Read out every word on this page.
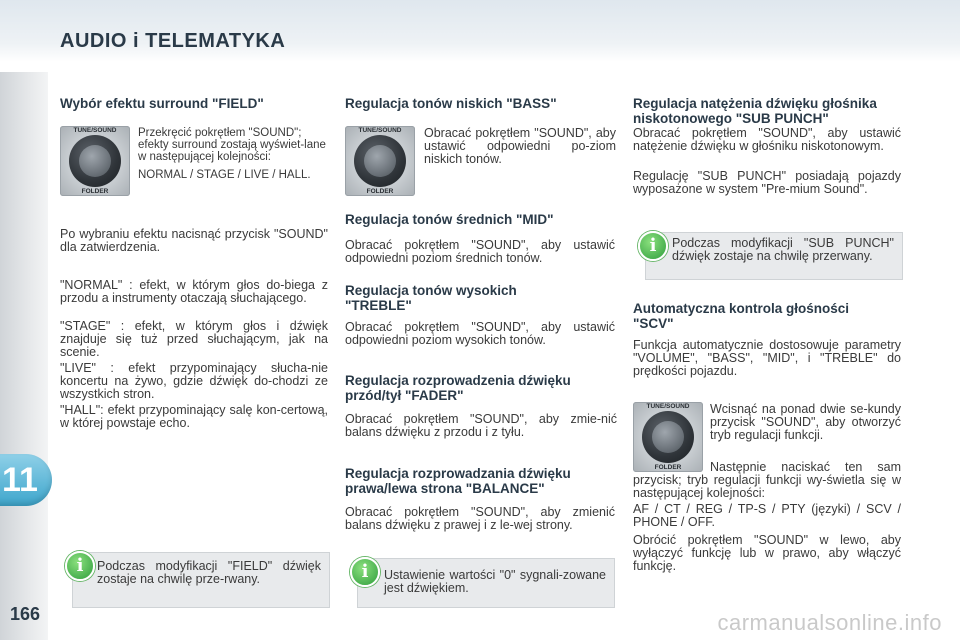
AUDIO i TELEMATYKA
11
166
Wybór efektu surround "FIELD"
TUNE/SOUND
FOLDER

Przekręcić pokrętłem "SOUND"; efekty surround zostają wyświet-lane w następującej kolejności:

NORMAL / STAGE / LIVE / HALL.

Po wybraniu efektu nacisnąć przycisk "SOUND" dla zatwierdzenia.

"NORMAL" : efekt, w którym głos do-biega z przodu a instrumenty otaczają słuchającego.

"STAGE" : efekt, w którym głos i dźwięk znajduje się tuż przed słuchającym, jak na scenie.

"LIVE" : efekt przypominający słucha-nie koncertu na żywo, gdzie dźwięk do-chodzi ze wszystkich stron.

"HALL": efekt przypominający salę kon-certową, w której powstaje echo.

i	Podczas modyfikacji "FIELD" dźwięk zostaje na chwilę prze-rwany.

Regulacja tonów niskich "BASS"
TUNE/SOUND
FOLDER

Obracać pokrętłem "SOUND", aby ustawić odpowiedni po-ziom niskich tonów.

Regulacja tonów średnich "MID"

Obracać pokrętłem "SOUND", aby ustawić odpowiedni poziom średnich tonów.

Regulacja tonów wysokich "TREBLE"

Obracać pokrętłem "SOUND", aby ustawić odpowiedni poziom wysokich tonów.

Regulacja rozprowadzenia dźwięku przód/tył "FADER"

Obracać pokrętłem "SOUND", aby zmie-nić balans dźwięku z przodu i z tyłu.

Regulacja rozprowadzania dźwięku prawa/lewa strona "BALANCE"

Obracać pokrętłem "SOUND", aby zmienić balans dźwięku z prawej i z le-wej strony.

i	Ustawienie wartości "0" sygnali-zowane jest dźwiękiem.

Regulacja natężenia dźwięku głośnika niskotonowego "SUB PUNCH"

Obracać pokrętłem "SOUND", aby ustawić natężenie dźwięku w głośniku niskotonowym.

Regulację "SUB PUNCH" posiadają pojazdy wyposażone w system "Pre-mium Sound".

i	Podczas modyfikacji "SUB PUNCH" dźwięk zostaje na chwilę przerwany.

Automatyczna kontrola głośności "SCV"

Funkcja automatycznie dostosowuje parametry "VOLUME", "BASS", "MID", i "TREBLE" do prędkości pojazdu.

TUNE/SOUND
FOLDER

Wcisnąć na ponad dwie se-kundy przycisk "SOUND", aby otworzyć tryb regulacji funkcji.

Następnie naciskać ten sam przycisk; tryb regulacji funkcji wy-świetla się w następującej kolejności:

AF / CT / REG / TP-S / PTY (języki) / SCV / PHONE / OFF.

Obrócić pokrętłem "SOUND" w lewo, aby wyłączyć funkcję lub w prawo, aby włączyć funkcję.

carmanualsonline.info
